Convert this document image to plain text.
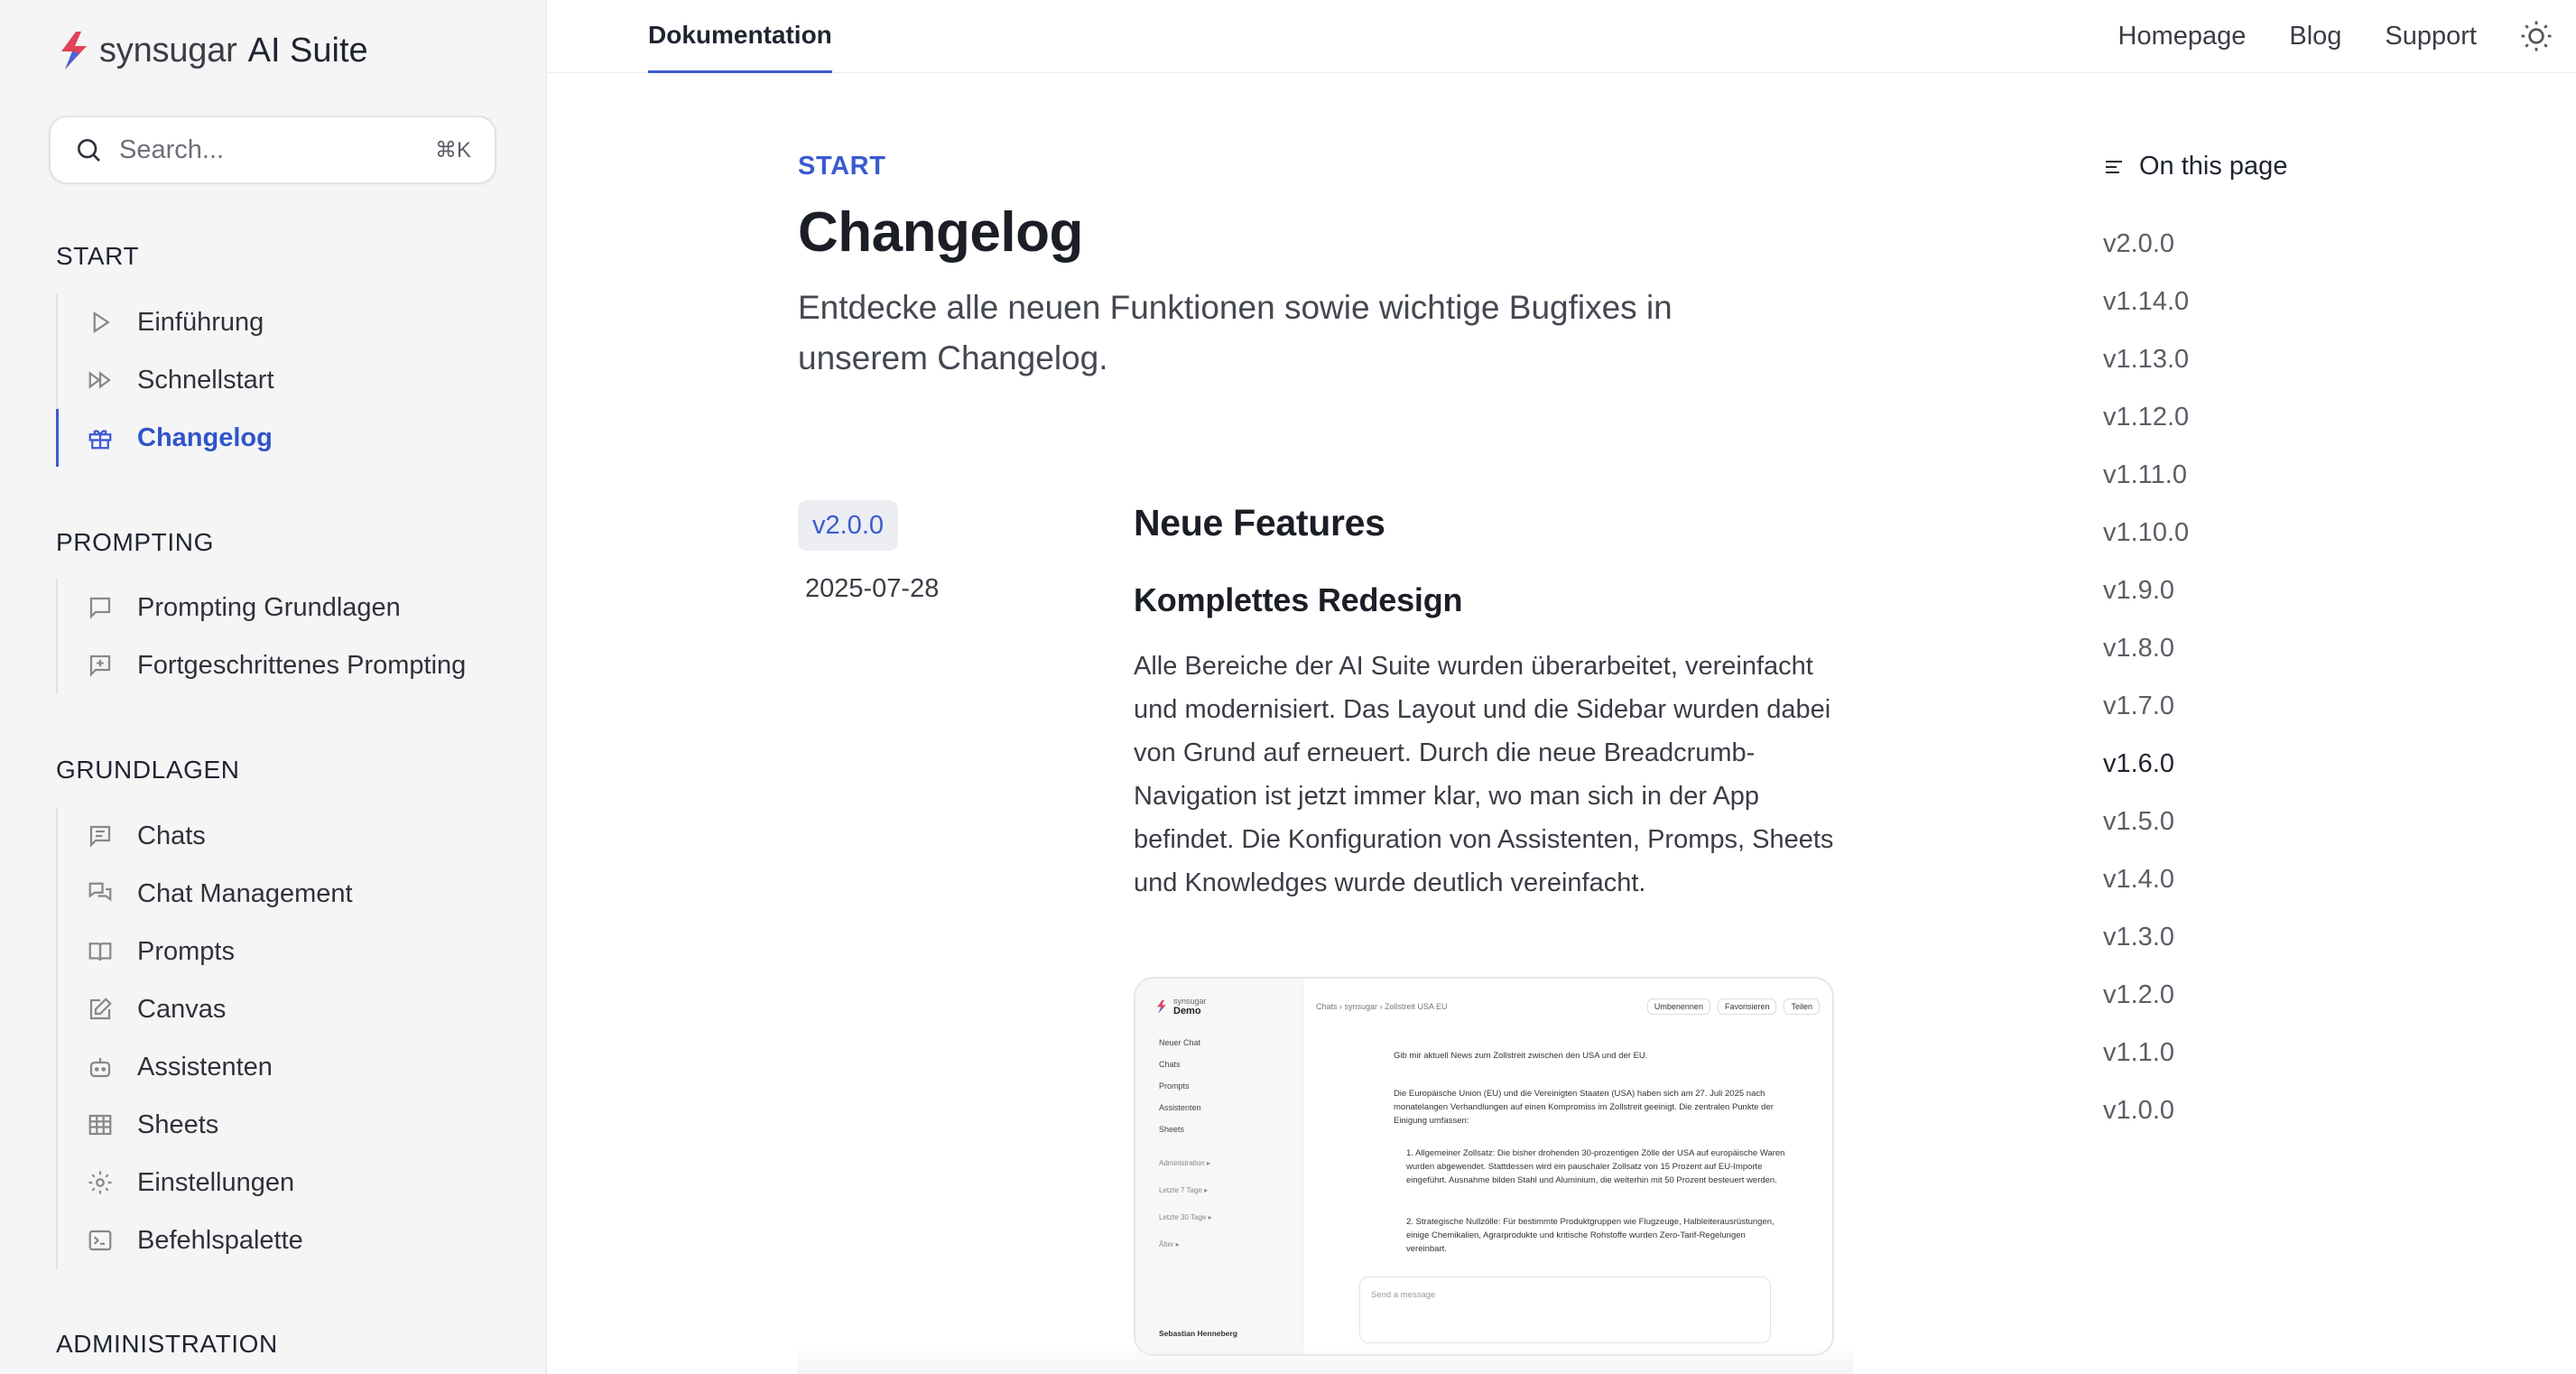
synsugar AI Suite
Search...	⌘K
START
Einführung
Schnellstart
Changelog
PROMPTING
Prompting Grundlagen
Fortgeschrittenes Prompting
GRUNDLAGEN
Chats
Chat Management
Prompts
Canvas
Assistenten
Sheets
Einstellungen
Befehlspalette
ADMINISTRATION
Dokumentation	Homepage Blog Support
START
Changelog

Entdecke alle neuen Funktionen sowie wichtige Bugfixes in unserem Changelog.

v2.0.0
2025-07-28
Neue Features
Komplettes Redesign

Alle Bereiche der AI Suite wurden überarbeitet, vereinfacht und modernisiert. Das Layout und die Sidebar wurden dabei von Grund auf erneuert. Durch die neue Breadcrumb-Navigation ist jetzt immer klar, wo man sich in der App befindet. Die Konfiguration von Assistenten, Promps, Sheets und Knowledges wurde deutlich vereinfacht.

synsugar
Demo
Neuer Chat
Chats
Prompts
Assistenten
Sheets
Administration ▸
Letzte 7 Tage ▸
Letzte 30 Tage ▸
Älter ▸
Sebastian Henneberg
Chats › synsugar › Zollstreit USA EU	Umbenennen	Favorisieren	Teilen
Gib mir aktuell News zum Zollstreit zwischen den USA und der EU.
Die Europäische Union (EU) und die Vereinigten Staaten (USA) haben sich am 27. Juli 2025 nach monatelangen Verhandlungen auf einen Kompromiss im Zollstreit geeinigt. Die zentralen Punkte der Einigung umfassen:
1. Allgemeiner Zollsatz: Die bisher drohenden 30-prozentigen Zölle der USA auf europäische Waren wurden abgewendet. Stattdessen wird ein pauschaler Zollsatz von 15 Prozent auf EU-Importe eingeführt. Ausnahme bilden Stahl und Aluminium, die weiterhin mit 50 Prozent besteuert werden.
2. Strategische Nullzölle: Für bestimmte Produktgruppen wie Flugzeuge, Halbleiterausrüstungen, einige Chemikalien, Agrarprodukte und kritische Rohstoffe wurden Zero-Tarif-Regelungen vereinbart.
Send a message
On this page
v2.0.0
v1.14.0
v1.13.0
v1.12.0
v1.11.0
v1.10.0
v1.9.0
v1.8.0
v1.7.0
v1.6.0
v1.5.0
v1.4.0
v1.3.0
v1.2.0
v1.1.0
v1.0.0
